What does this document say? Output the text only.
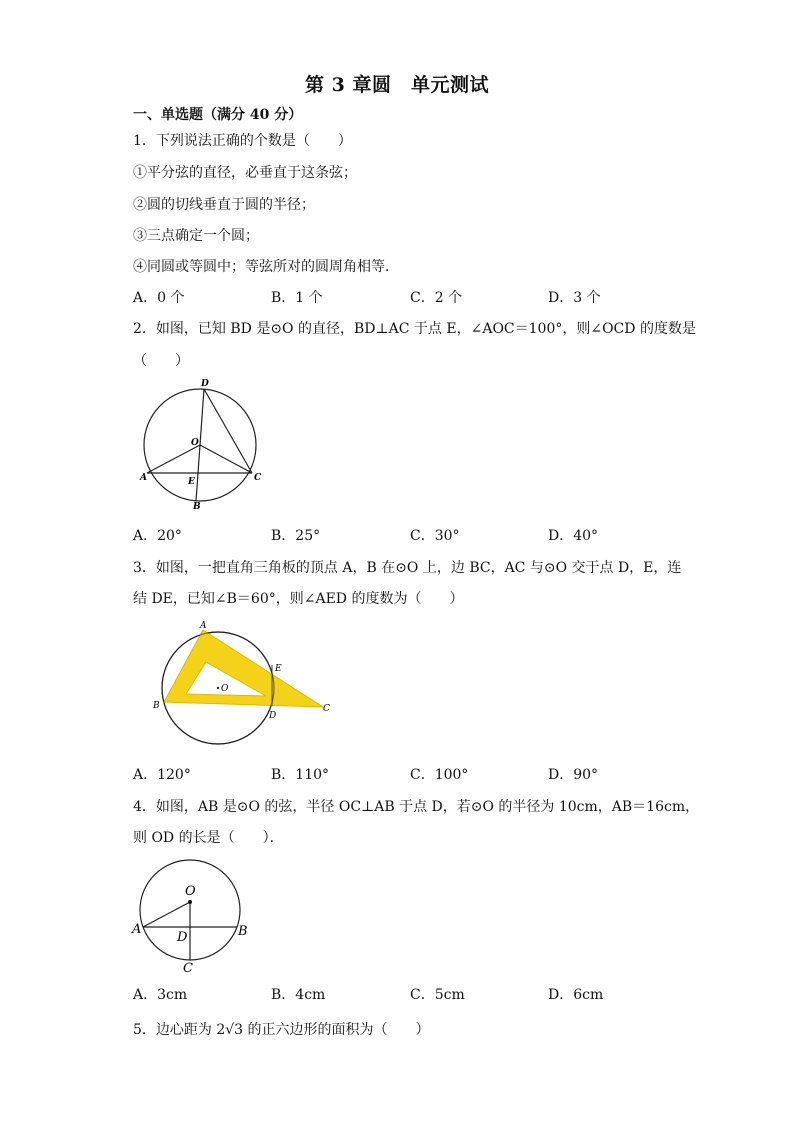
第 3 章圆　单元测试
一、单选题（满分 40 分）
1．下列说法正确的个数是（　　）
①平分弦的直径，必垂直于这条弦；
②圆的切线垂直于圆的半径；
③三点确定一个圆；
④同圆或等圆中；等弦所对的圆周角相等．
A．0 个	B．1 个	C．2 个	D．3 个
2．如图，已知 BD 是⊙O 的直径，BD⊥AC 于点 E，∠AOC＝100°，则∠OCD 的度数是
（　　）
D
O
A	E	C
B
A．20°	B．25°	C．30°	D．40°
3．如图，一把直角三角板的顶点 A，B 在⊙O 上，边 BC，AC 与⊙O 交于点 D，E，连
结 DE，已知∠B＝60°，则∠AED 的度数为（　　）
A
E
O
B
D
C
A．120°	B．110°	C．100°	D．90°
4．如图，AB 是⊙O 的弦，半径 OC⊥AB 于点 D，若⊙O 的半径为 10cm，AB＝16cm，
则 OD 的长是（　　）．
O
A
D	B
C
A．3cm	B．4cm	C．5cm	D．6cm
5．边心距为 2√3 的正六边形的面积为（　　）
